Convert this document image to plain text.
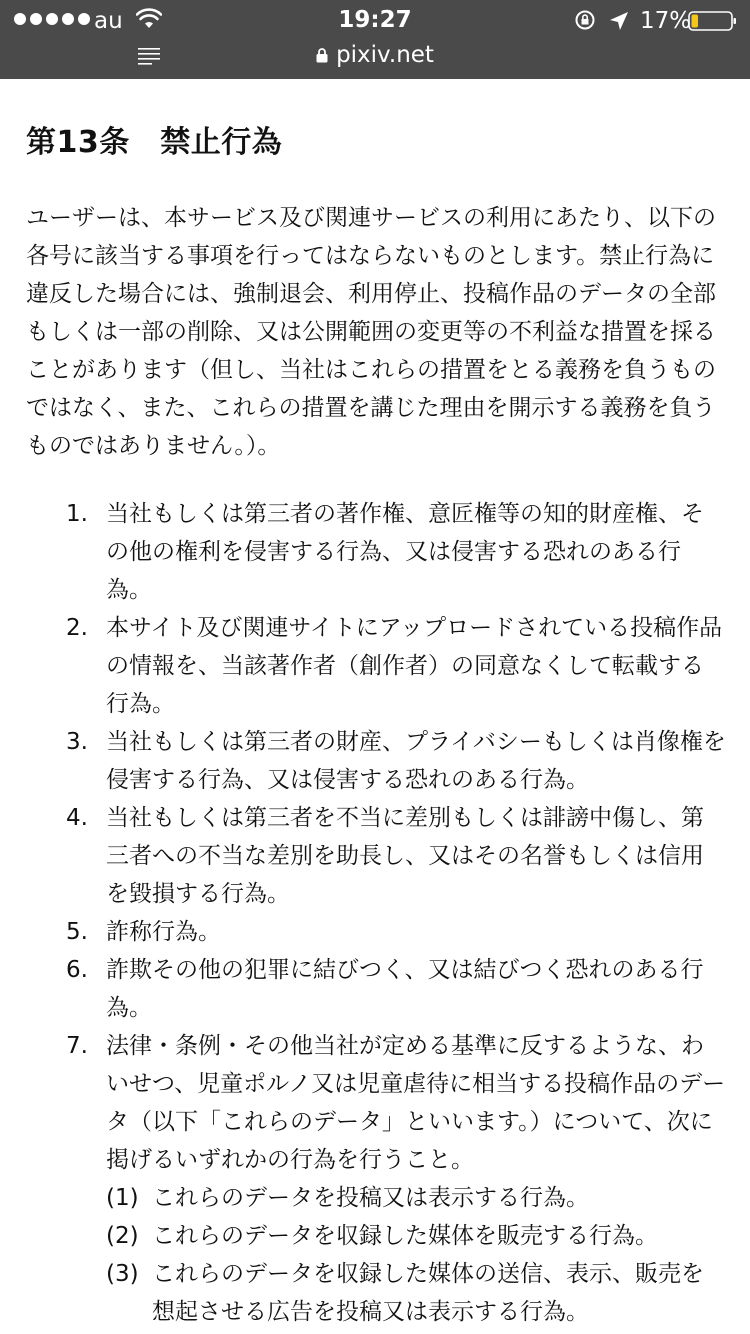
au	19:27	17%
pixiv.net
第13条　禁止行為

ユーザーは、本サービス及び関連サービスの利用にあたり、以下の各号に該当する事項を行ってはならないものとします。禁止行為に違反した場合には、強制退会、利用停止、投稿作品のデータの全部もしくは一部の削除、又は公開範囲の変更等の不利益な措置を採ることがあります（但し、当社はこれらの措置をとる義務を負うものではなく、また、これらの措置を講じた理由を開示する義務を負うものではありません。）。

1. 当社もしくは第三者の著作権、意匠権等の知的財産権、その他の権利を侵害する行為、又は侵害する恐れのある行為。
2. 本サイト及び関連サイトにアップロードされている投稿作品の情報を、当該著作者（創作者）の同意なくして転載する行為。
3. 当社もしくは第三者の財産、プライバシーもしくは肖像権を侵害する行為、又は侵害する恐れのある行為。
4. 当社もしくは第三者を不当に差別もしくは誹謗中傷し、第三者への不当な差別を助長し、又はその名誉もしくは信用を毀損する行為。
5. 詐称行為。
6. 詐欺その他の犯罪に結びつく、又は結びつく恐れのある行為。
7. 法律・条例・その他当社が定める基準に反するような、わいせつ、児童ポルノ又は児童虐待に相当する投稿作品のデータ（以下「これらのデータ」といいます。）について、次に掲げるいずれかの行為を行うこと。
(1) これらのデータを投稿又は表示する行為。
(2) これらのデータを収録した媒体を販売する行為。
(3) これらのデータを収録した媒体の送信、表示、販売を想起させる広告を投稿又は表示する行為。
